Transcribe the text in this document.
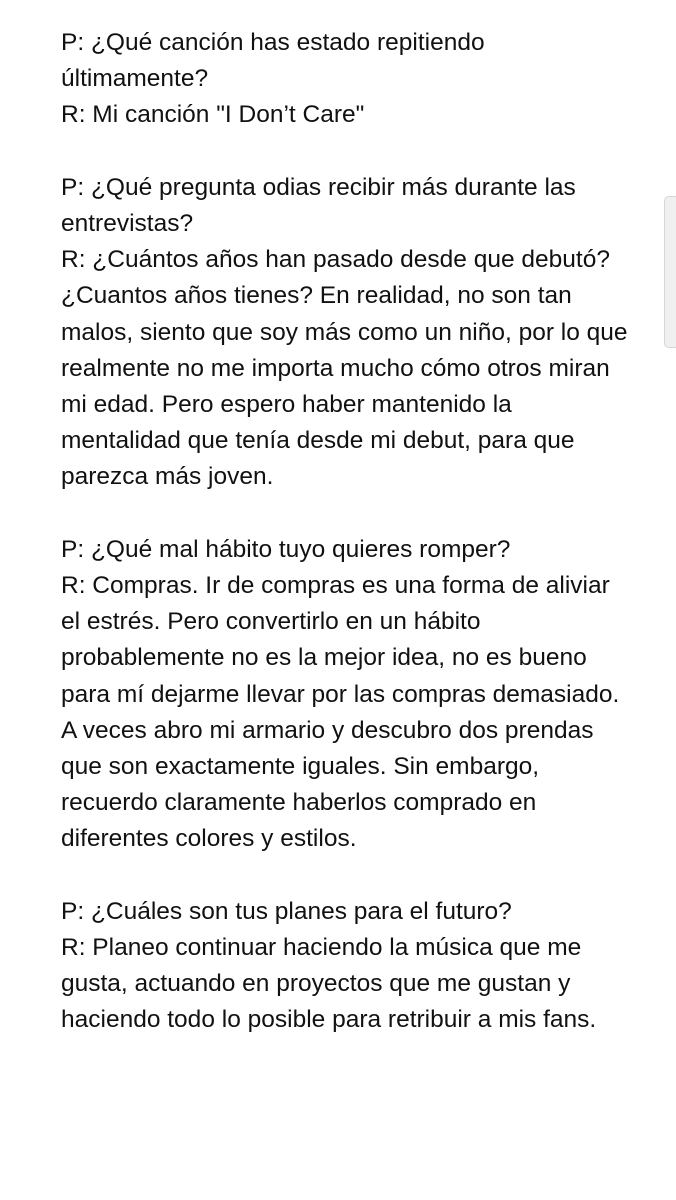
P: ¿Qué canción has estado repitiendo últimamente?

R: Mi canción "I Don’t Care"

P: ¿Qué pregunta odias recibir más durante las entrevistas?

R: ¿Cuántos años han pasado desde que debutó? ¿Cuantos años tienes? En realidad, no son tan malos, siento que soy más como un niño, por lo que realmente no me importa mucho cómo otros miran mi edad. Pero espero haber mantenido la mentalidad que tenía desde mi debut, para que parezca más joven.

P: ¿Qué mal hábito tuyo quieres romper?

R: Compras. Ir de compras es una forma de aliviar el estrés. Pero convertirlo en un hábito probablemente no es la mejor idea, no es bueno para mí dejarme llevar por las compras demasiado. A veces abro mi armario y descubro dos prendas que son exactamente iguales. Sin embargo, recuerdo claramente haberlos comprado en diferentes colores y estilos.

P: ¿Cuáles son tus planes para el futuro?

R: Planeo continuar haciendo la música que me gusta, actuando en proyectos que me gustan y haciendo todo lo posible para retribuir a mis fans.
